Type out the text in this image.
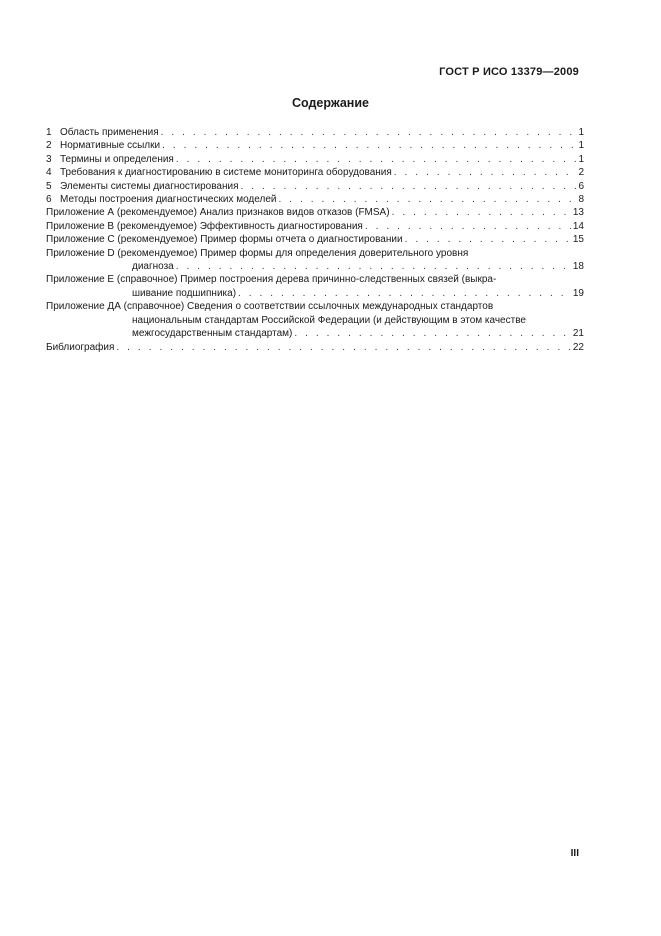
ГОСТ Р ИСО 13379—2009
Содержание
1 Область применения . . .	1
2 Нормативные ссылки . . .	1
3 Термины и определения . . .	1
4 Требования к диагностированию в системе мониторинга оборудования . . .	2
5 Элементы системы диагностирования . . .	6
6 Методы построения диагностических моделей . . .	8
Приложение А (рекомендуемое) Анализ признаков видов отказов (FMSA) . . .	13
Приложение В (рекомендуемое) Эффективность диагностирования . . .	14
Приложение С (рекомендуемое) Пример формы отчета о диагностировании . . .	15
Приложение D (рекомендуемое) Пример формы для определения доверительного уровня
диагноза . . .	18
Приложение Е (справочное) Пример построения дерева причинно-следственных связей (выкра-
шивание подшипника) . . .	19
Приложение ДА (справочное) Сведения о соответствии ссылочных международных стандартов
национальным стандартам Российской Федерации (и действующим в этом качестве
межгосударственным стандартам) . . .	21
Библиография . . .	22
III
